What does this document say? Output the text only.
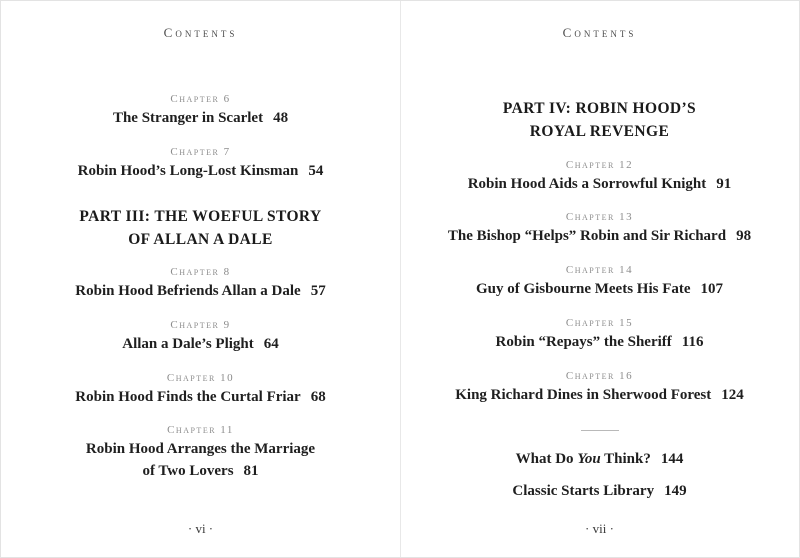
Contents
Chapter 6
The Stranger in Scarlet 48
Chapter 7
Robin Hood’s Long-Lost Kinsman 54
PART III: THE WOEFUL STORY
OF ALLAN A DALE
Chapter 8
Robin Hood Befriends Allan a Dale 57
Chapter 9
Allan a Dale’s Plight 64
Chapter 10
Robin Hood Finds the Curtal Friar 68
Chapter 11
Robin Hood Arranges the Marriage
of Two Lovers 81
· vi ·
Contents
PART IV: ROBIN HOOD’S
ROYAL REVENGE
Chapter 12
Robin Hood Aids a Sorrowful Knight 91
Chapter 13
The Bishop “Helps” Robin and Sir Richard 98
Chapter 14
Guy of Gisbourne Meets His Fate 107
Chapter 15
Robin “Repays” the Sheriff 116
Chapter 16
King Richard Dines in Sherwood Forest 124
What Do You Think? 144
Classic Starts Library 149
· vii ·
